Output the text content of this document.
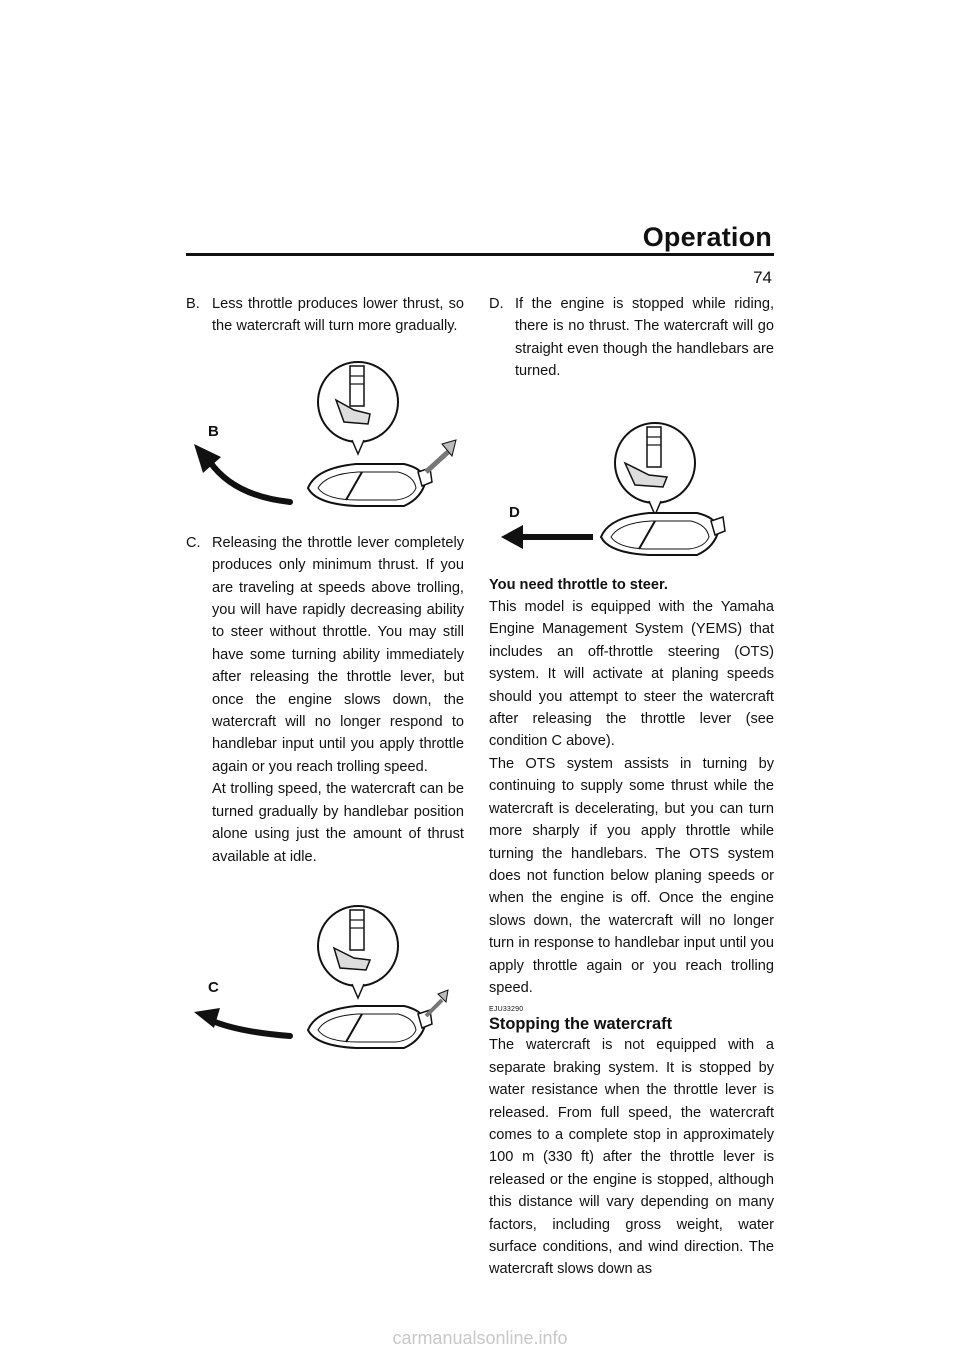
Operation
74
B. Less throttle produces lower thrust, so the watercraft will turn more gradually.

B
C. Releasing the throttle lever completely produces only minimum thrust. If you are traveling at speeds above trolling, you will have rapidly decreasing ability to steer without throttle. You may still have some turning ability immediately after releasing the throttle lever, but once the engine slows down, the watercraft will no longer respond to handlebar input until you apply throttle again or you reach trolling speed.

At trolling speed, the watercraft can be turned gradually by handlebar position alone using just the amount of thrust available at idle.

C
D. If the engine is stopped while riding, there is no thrust. The watercraft will go straight even though the handlebars are turned.

D

You need throttle to steer.

This model is equipped with the Yamaha Engine Management System (YEMS) that includes an off-throttle steering (OTS) system. It will activate at planing speeds should you attempt to steer the watercraft after releasing the throttle lever (see condition C above).

The OTS system assists in turning by continuing to supply some thrust while the watercraft is decelerating, but you can turn more sharply if you apply throttle while turning the handlebars. The OTS system does not function below planing speeds or when the engine is off. Once the engine slows down, the watercraft will no longer turn in response to handlebar input until you apply throttle again or you reach trolling speed.

EJU33290

Stopping the watercraft

The watercraft is not equipped with a separate braking system. It is stopped by water resistance when the throttle lever is released. From full speed, the watercraft comes to a complete stop in approximately 100 m (330 ft) after the throttle lever is released or the engine is stopped, although this distance will vary depending on many factors, including gross weight, water surface conditions, and wind direction. The watercraft slows down as

carmanualsonline.info
